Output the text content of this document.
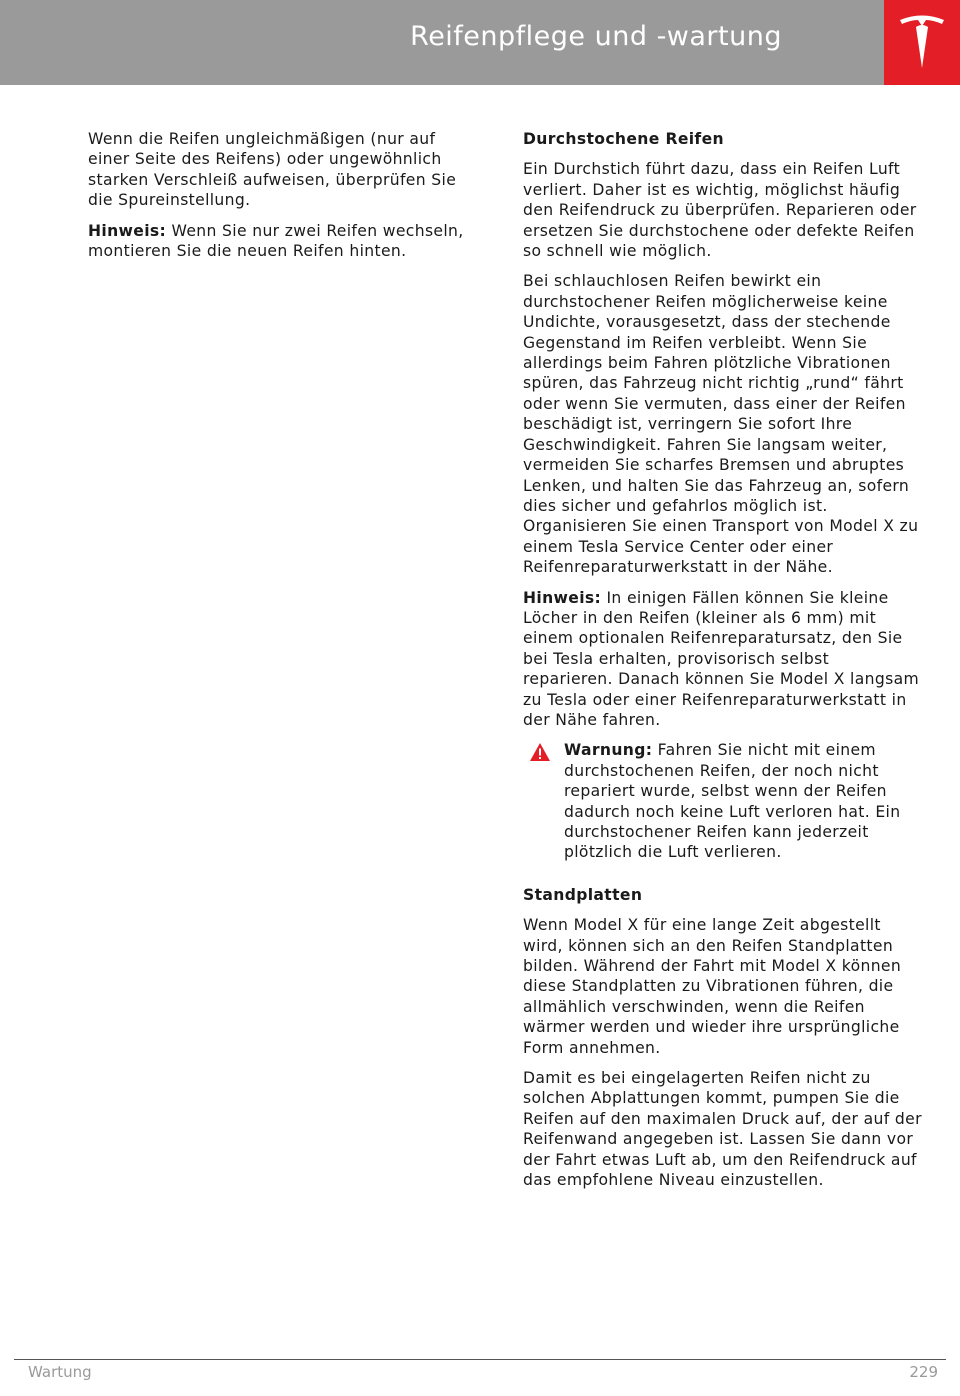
Reifenpflege und -wartung

Wenn die Reifen ungleichmäßigen (nur auf einer Seite des Reifens) oder ungewöhnlich starken Verschleiß aufweisen, überprüfen Sie die Spureinstellung.

Hinweis: Wenn Sie nur zwei Reifen wechseln, montieren Sie die neuen Reifen hinten.

Durchstochene Reifen

Ein Durchstich führt dazu, dass ein Reifen Luft verliert. Daher ist es wichtig, möglichst häufig den Reifendruck zu überprüfen. Reparieren oder ersetzen Sie durchstochene oder defekte Reifen so schnell wie möglich.

Bei schlauchlosen Reifen bewirkt ein durchstochener Reifen möglicherweise keine Undichte, vorausgesetzt, dass der stechende Gegenstand im Reifen verbleibt. Wenn Sie allerdings beim Fahren plötzliche Vibrationen spüren, das Fahrzeug nicht richtig „rund“ fährt oder wenn Sie vermuten, dass einer der Reifen beschädigt ist, verringern Sie sofort Ihre Geschwindigkeit. Fahren Sie langsam weiter, vermeiden Sie scharfes Bremsen und abruptes Lenken, und halten Sie das Fahrzeug an, sofern dies sicher und gefahrlos möglich ist. Organisieren Sie einen Transport von Model X zu einem Tesla Service Center oder einer Reifenreparaturwerkstatt in der Nähe.

Hinweis: In einigen Fällen können Sie kleine Löcher in den Reifen (kleiner als 6 mm) mit einem optionalen Reifenreparatursatz, den Sie bei Tesla erhalten, provisorisch selbst reparieren. Danach können Sie Model X langsam zu Tesla oder einer Reifenreparaturwerkstatt in der Nähe fahren.

Warnung: Fahren Sie nicht mit einem durchstochenen Reifen, der noch nicht repariert wurde, selbst wenn der Reifen dadurch noch keine Luft verloren hat. Ein durchstochener Reifen kann jederzeit plötzlich die Luft verlieren.
Standplatten

Wenn Model X für eine lange Zeit abgestellt wird, können sich an den Reifen Standplatten bilden. Während der Fahrt mit Model X können diese Standplatten zu Vibrationen führen, die allmählich verschwinden, wenn die Reifen wärmer werden und wieder ihre ursprüngliche Form annehmen.

Damit es bei eingelagerten Reifen nicht zu solchen Abplattungen kommt, pumpen Sie die Reifen auf den maximalen Druck auf, der auf der Reifenwand angegeben ist. Lassen Sie dann vor der Fahrt etwas Luft ab, um den Reifendruck auf das empfohlene Niveau einzustellen.

Wartung	229
